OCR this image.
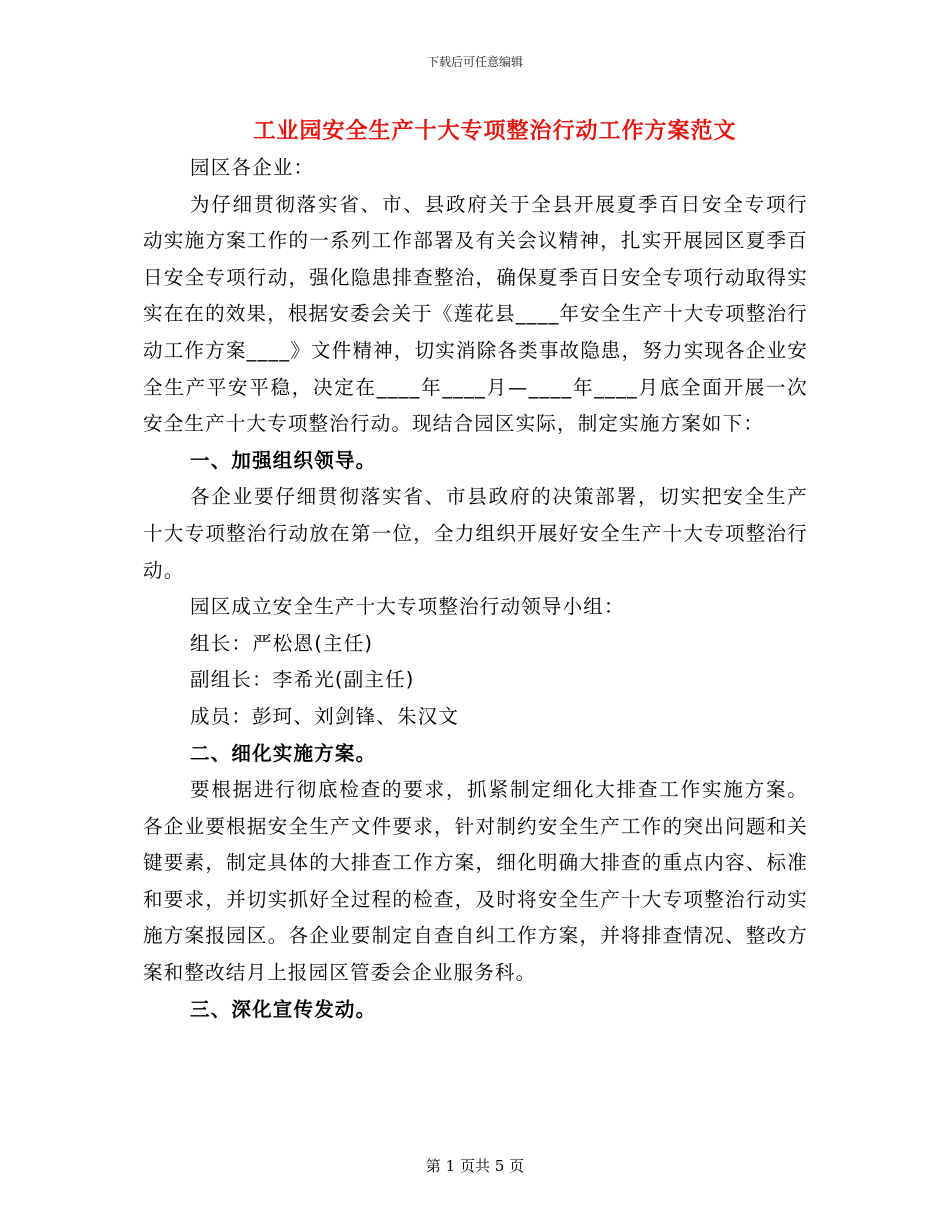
下载后可任意编辑
工业园安全生产十大专项整治行动工作方案范文

园区各企业：

为仔细贯彻落实省、市、县政府关于全县开展夏季百日安全专项行动实施方案工作的一系列工作部署及有关会议精神，扎实开展园区夏季百日安全专项行动，强化隐患排查整治，确保夏季百日安全专项行动取得实实在在的效果，根据安委会关于《莲花县____年安全生产十大专项整治行动工作方案____》文件精神，切实消除各类事故隐患，努力实现各企业安全生产平安平稳，决定在____年____月—____年____月底全面开展一次安全生产十大专项整治行动。现结合园区实际，制定实施方案如下：

一、加强组织领导。

各企业要仔细贯彻落实省、市县政府的决策部署，切实把安全生产十大专项整治行动放在第一位，全力组织开展好安全生产十大专项整治行动。

园区成立安全生产十大专项整治行动领导小组：

组长：严松恩(主任)

副组长：李希光(副主任)

成员：彭珂、刘剑锋、朱汉文

二、细化实施方案。

要根据进行彻底检查的要求，抓紧制定细化大排查工作实施方案。各企业要根据安全生产文件要求，针对制约安全生产工作的突出问题和关键要素，制定具体的大排查工作方案，细化明确大排查的重点内容、标准和要求，并切实抓好全过程的检查，及时将安全生产十大专项整治行动实施方案报园区。各企业要制定自查自纠工作方案，并将排查情况、整改方案和整改结月上报园区管委会企业服务科。

三、深化宣传发动。

第 1 页共 5 页
